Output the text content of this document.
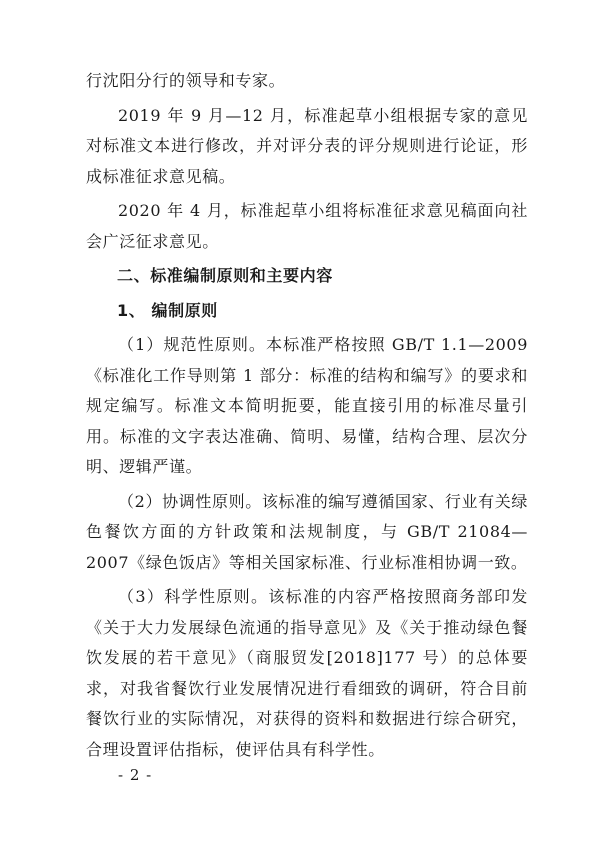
行沈阳分行的领导和专家。

2019 年 9 月—12 月，标准起草小组根据专家的意见对标准文本进行修改，并对评分表的评分规则进行论证，形成标准征求意见稿。

2020 年 4 月，标准起草小组将标准征求意见稿面向社会广泛征求意见。

二、标准编制原则和主要内容

1、 编制原则

（1）规范性原则。本标准严格按照 GB/T 1.1—2009《标准化工作导则第 1 部分：标准的结构和编写》的要求和规定编写。标准文本简明扼要，能直接引用的标准尽量引用。标准的文字表达准确、简明、易懂，结构合理、层次分明、逻辑严谨。

（2）协调性原则。该标准的编写遵循国家、行业有关绿色餐饮方面的方针政策和法规制度，与 GB/T 21084—2007《绿色饭店》等相关国家标准、行业标准相协调一致。

（3）科学性原则。该标准的内容严格按照商务部印发《关于大力发展绿色流通的指导意见》及《关于推动绿色餐饮发展的若干意见》（商服贸发[2018]177 号）的总体要求，对我省餐饮行业发展情况进行看细致的调研，符合目前餐饮行业的实际情况，对获得的资料和数据进行综合研究，合理设置评估指标，使评估具有科学性。

- 2 -
